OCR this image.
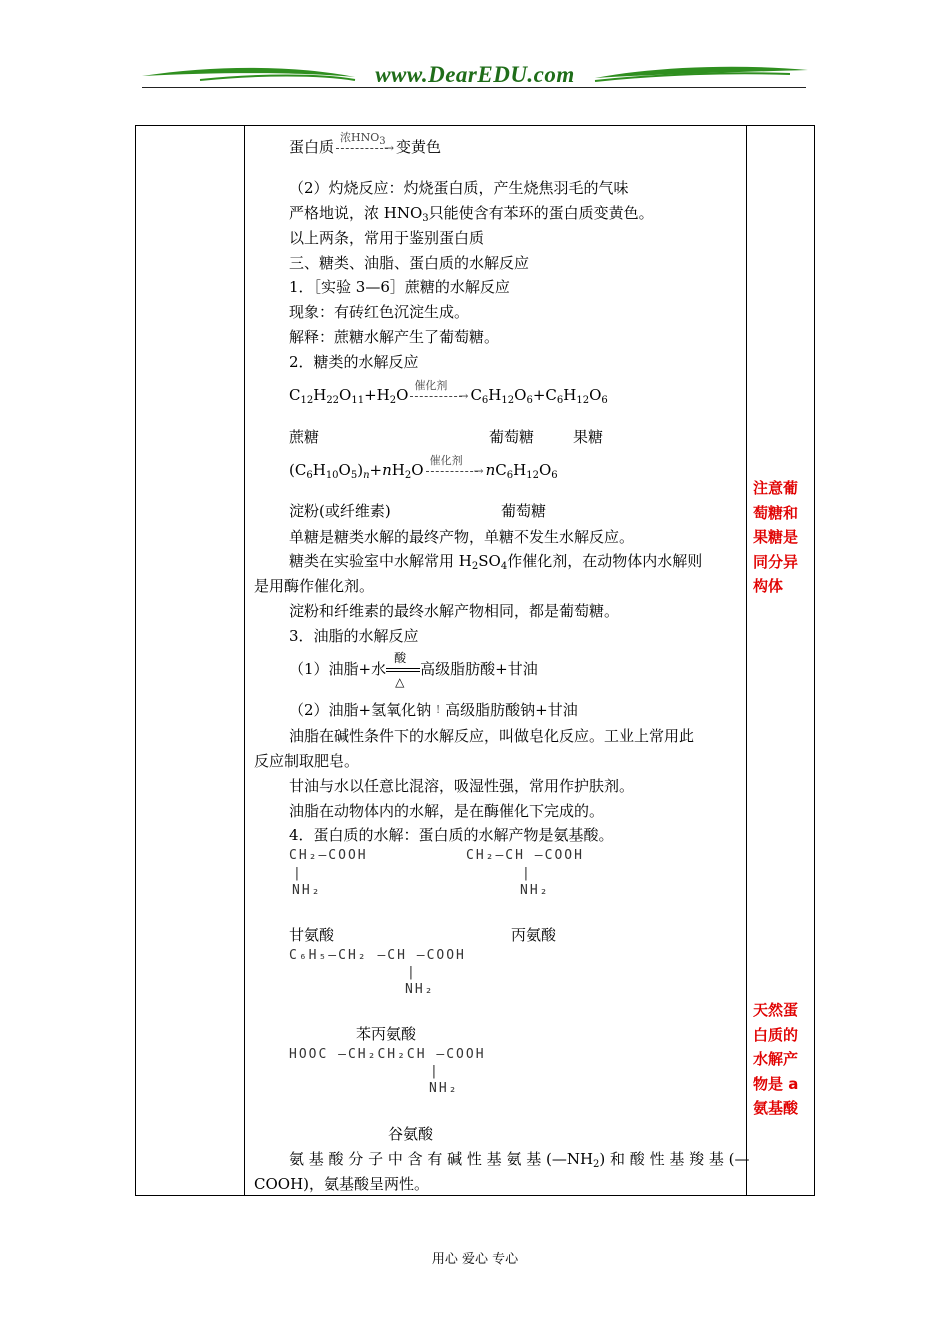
www.DearEDU.com
蛋白质
浓$HNO_3$
→ 变黄色
（2）灼烧反应：灼烧蛋白质，产生烧焦羽毛的气味
严格地说，浓 $HNO_3$只能使含有苯环的蛋白质变黄色。
以上两条，常用于鉴别蛋白质
三、糖类、油脂、蛋白质的水解反应
1．［实验 3—6］蔗糖的水解反应
现象：有砖红色沉淀生成。
解释：蔗糖水解产生了葡萄糖。
2．糖类的水解反应
$C_{12}H_{22}O_{11}+H_2O$
催化剂
→ $C_6H_{12}O_6+C_6H_{12}O_6$
蔗糖	葡萄糖	果糖
$(C_6H_{10}O_5)_n+nH_2O$
催化剂
→ $nC_6H_{12}O_6$
淀粉(或纤维素)	葡萄糖
单糖是糖类水解的最终产物，单糖不发生水解反应。
糖类在实验室中水解常用 $H_2SO_4$作催化剂，在动物体内水解则
是用酶作催化剂。
淀粉和纤维素的最终水解产物相同，都是葡萄糖。
3．油脂的水解反应
（1）油脂+水
酸
△
高级脂肪酸+甘油
（2）油脂+氢氧化钠 ! 高级脂肪酸钠+甘油
油脂在碱性条件下的水解反应，叫做皂化反应。工业上常用此
反应制取肥皂。
甘油与水以任意比混溶，吸湿性强，常用作护肤剂。
油脂在动物体内的水解，是在酶催化下完成的。
4．蛋白质的水解：蛋白质的水解产物是氨基酸。
CH₂—COOH
|
NH₂
CH₂—CH —COOH
|
NH₂
甘氨酸	丙氨酸
C₆H₅—CH₂ —CH —COOH
|
NH₂
苯丙氨酸
HOOC —CH₂CH₂CH —COOH
|
NH₂
谷氨酸
氨 基 酸 分 子 中 含 有 碱 性 基 氨 基 $(—NH_2)$ 和 酸 性 基 羧 基 (—
COOH)，氨基酸呈两性。
注意葡萄糖和果糖是同分异构体
天然蛋白质的水解产物是 a 氨基酸
用心 爱心 专心
